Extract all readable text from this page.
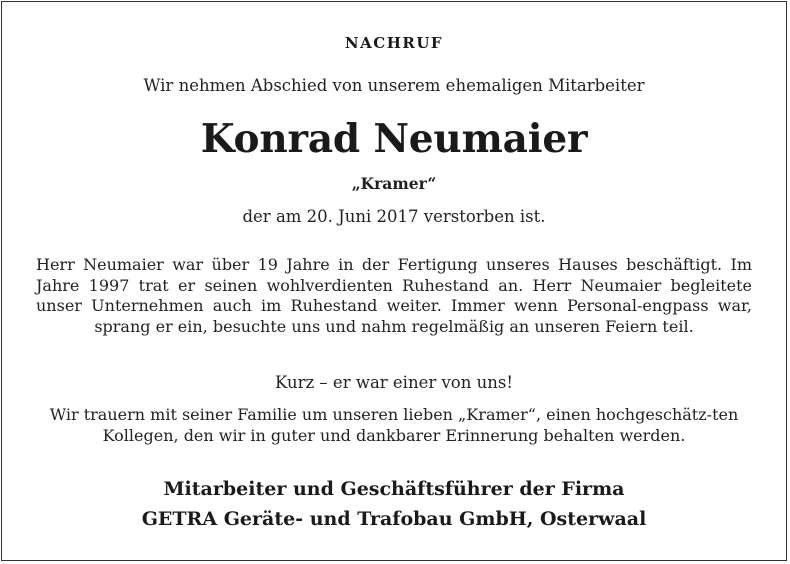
NACHRUF
Wir nehmen Abschied von unserem ehemaligen Mitarbeiter
Konrad Neumaier
„Kramer“
der am 20. Juni 2017 verstorben ist.
Herr Neumaier war über 19 Jahre in der Fertigung unseres Hauses beschäftigt. Im Jahre 1997 trat er seinen wohlverdienten Ruhestand an. Herr Neumaier begleitete unser Unternehmen auch im Ruhestand weiter. Immer wenn Personal-engpass war, sprang er ein, besuchte uns und nahm regelmäßig an unseren Feiern teil.
Kurz – er war einer von uns!
Wir trauern mit seiner Familie um unseren lieben „Kramer“, einen hochgeschätz-ten Kollegen, den wir in guter und dankbarer Erinnerung behalten werden.
Mitarbeiter und Geschäftsführer der Firma
GETRA Geräte- und Trafobau GmbH, Osterwaal
